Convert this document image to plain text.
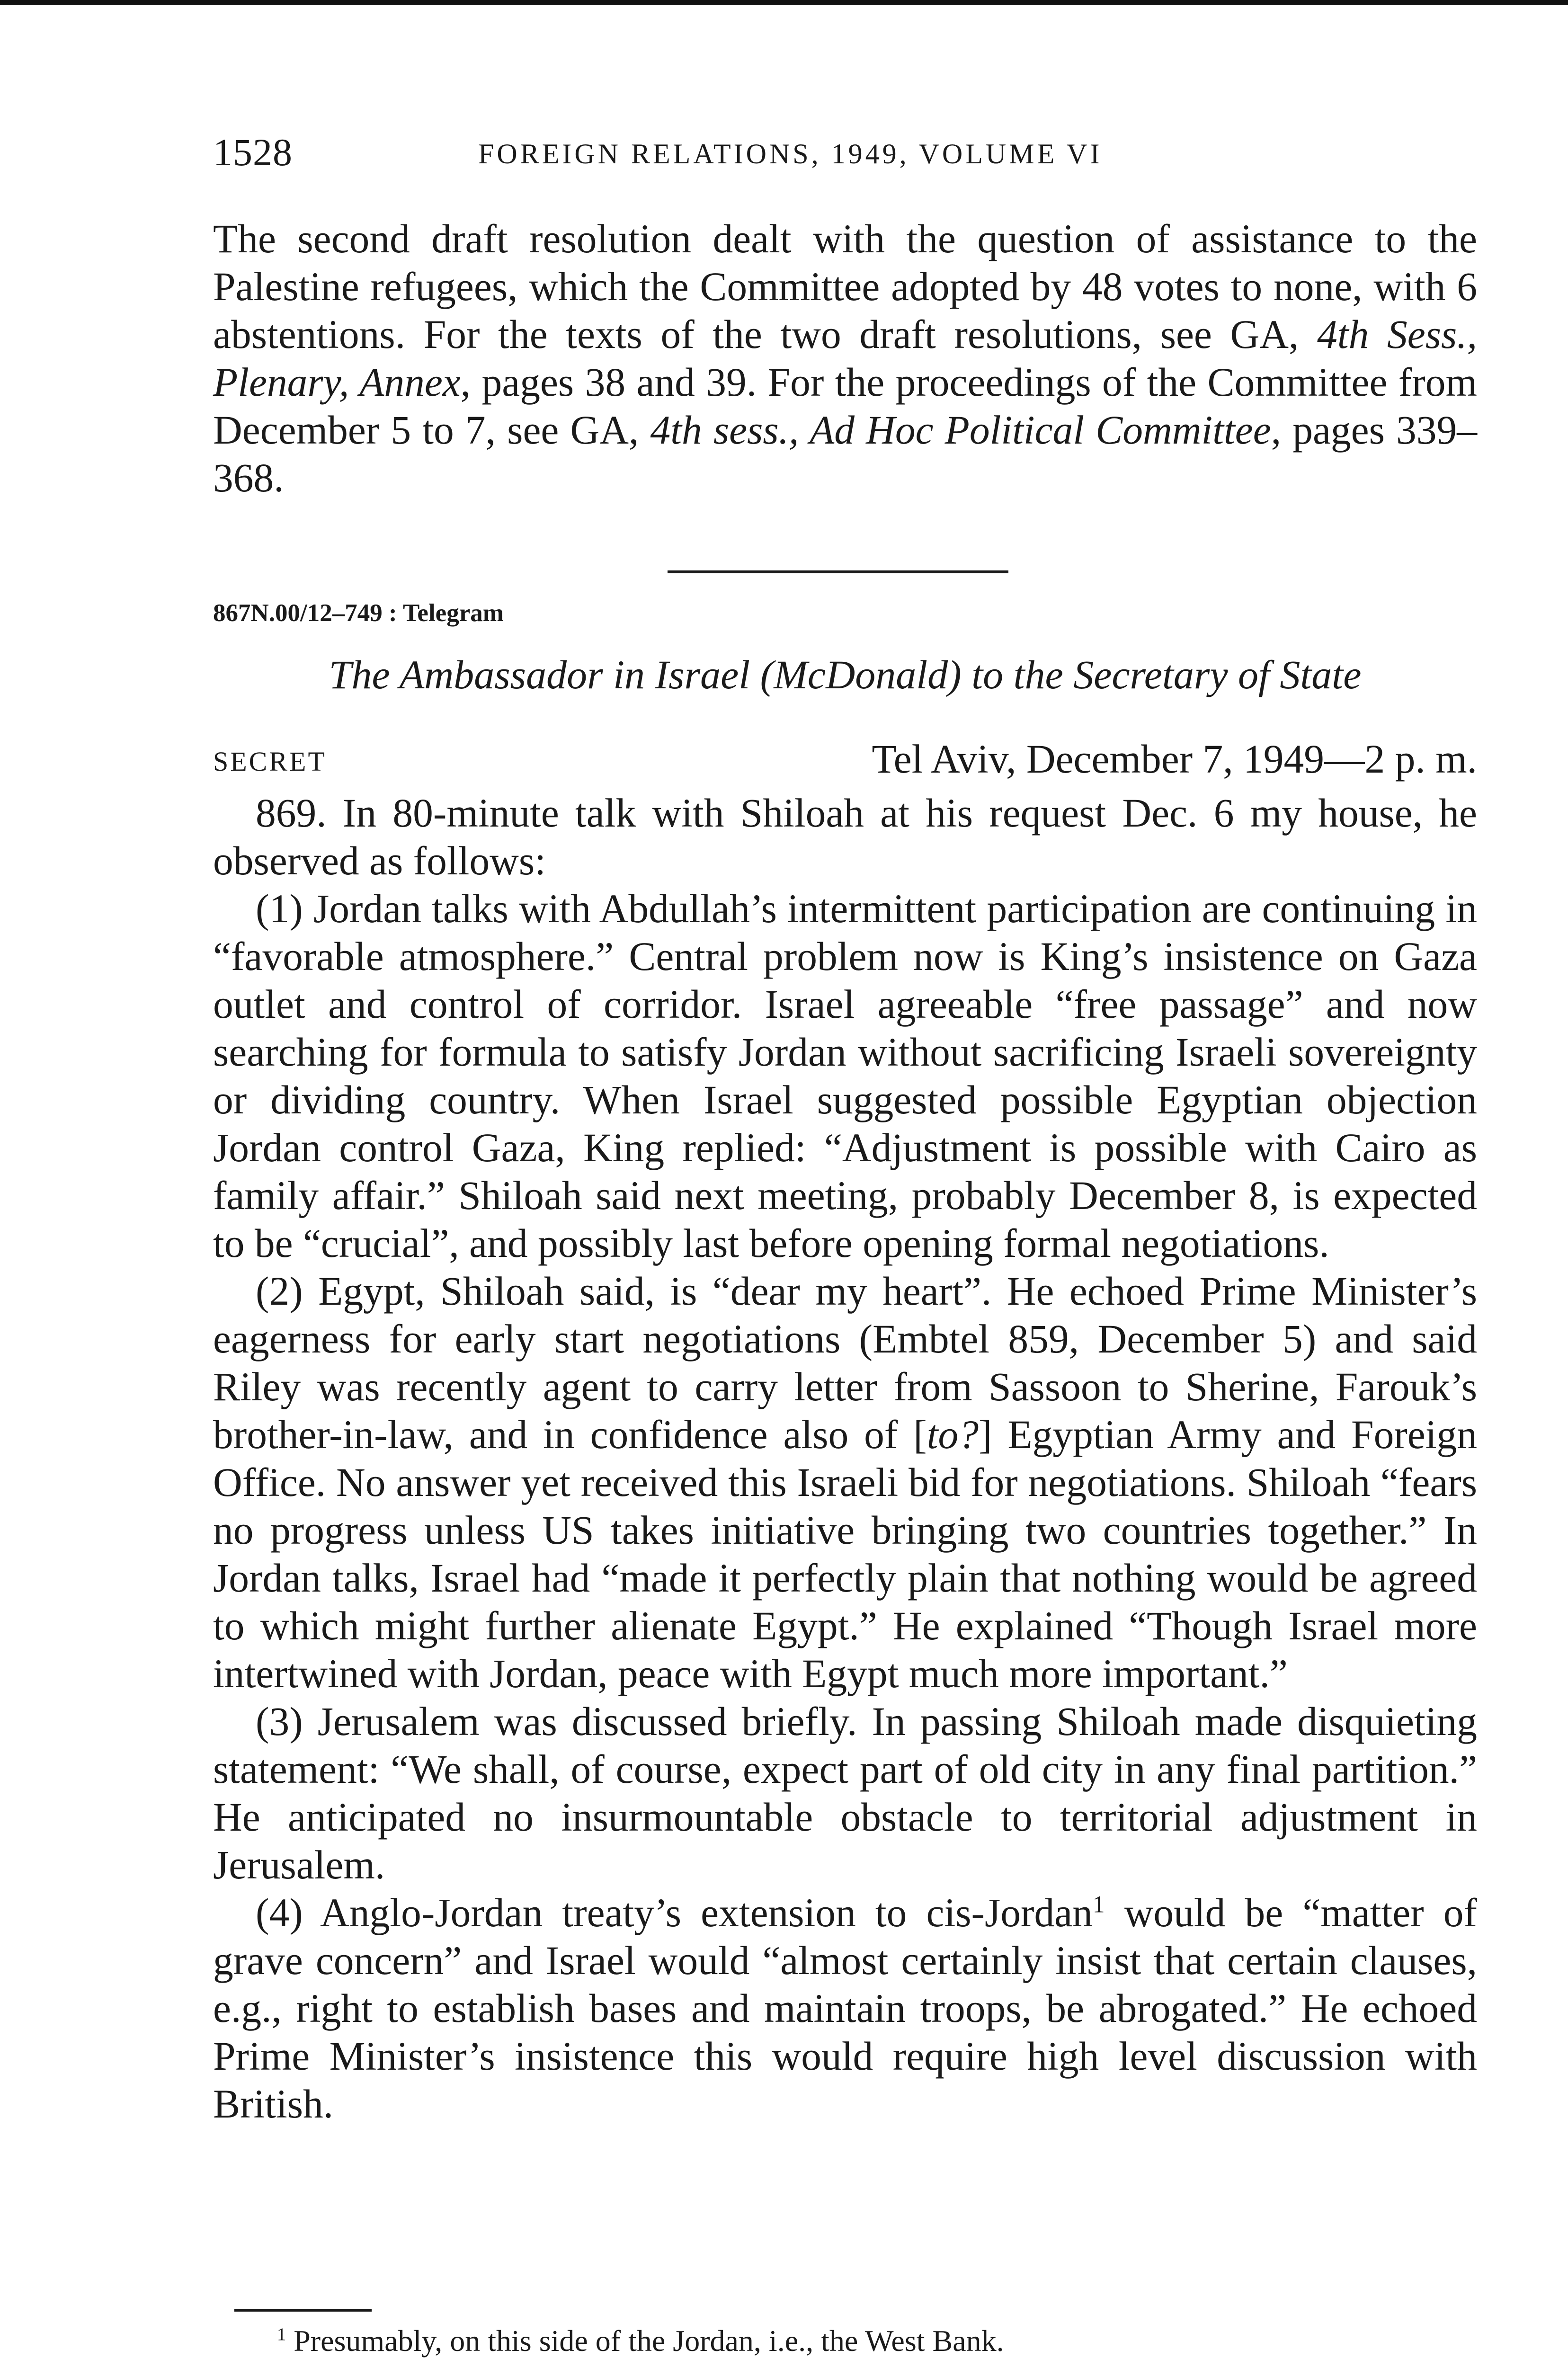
1528	FOREIGN RELATIONS, 1949, VOLUME VI

The second draft resolution dealt with the question of assistance to the Palestine refugees, which the Committee adopted by 48 votes to none, with 6 abstentions. For the texts of the two draft resolutions, see GA, 4th Sess., Plenary, Annex, pages 38 and 39. For the proceedings of the Committee from December 5 to 7, see GA, 4th sess., Ad Hoc Political Committee, pages 339–368.

867N.00/12–749 : Telegram
The Ambassador in Israel (McDonald) to the Secretary of State
SECRET	Tel Aviv, December 7, 1949—2 p. m.

869. In 80-minute talk with Shiloah at his request Dec. 6 my house, he observed as follows:

(1) Jordan talks with Abdullah’s intermittent participation are continuing in “favorable atmosphere.” Central problem now is King’s insistence on Gaza outlet and control of corridor. Israel agreeable “free passage” and now searching for formula to satisfy Jordan without sacrificing Israeli sovereignty or dividing country. When Israel suggested possible Egyptian objection Jordan control Gaza, King replied: “Adjustment is possible with Cairo as family affair.” Shiloah said next meeting, probably December 8, is expected to be “crucial”, and possibly last before opening formal negotiations.

(2) Egypt, Shiloah said, is “dear my heart”. He echoed Prime Minister’s eagerness for early start negotiations (Embtel 859, December 5) and said Riley was recently agent to carry letter from Sassoon to Sherine, Farouk’s brother-in-law, and in confidence also of [to?] Egyptian Army and Foreign Office. No answer yet received this Israeli bid for negotiations. Shiloah “fears no progress unless US takes initiative bringing two countries together.” In Jordan talks, Israel had “made it perfectly plain that nothing would be agreed to which might further alienate Egypt.” He explained “Though Israel more intertwined with Jordan, peace with Egypt much more important.”

(3) Jerusalem was discussed briefly. In passing Shiloah made disquieting statement: “We shall, of course, expect part of old city in any final partition.” He anticipated no insurmountable obstacle to territorial adjustment in Jerusalem.

(4) Anglo-Jordan treaty’s extension to cis-Jordan$^1$ would be “matter of grave concern” and Israel would “almost certainly insist that certain clauses, e.g., right to establish bases and maintain troops, be abrogated.” He echoed Prime Minister’s insistence this would require high level discussion with British.

$^1$ Presumably, on this side of the Jordan, i.e., the West Bank.
